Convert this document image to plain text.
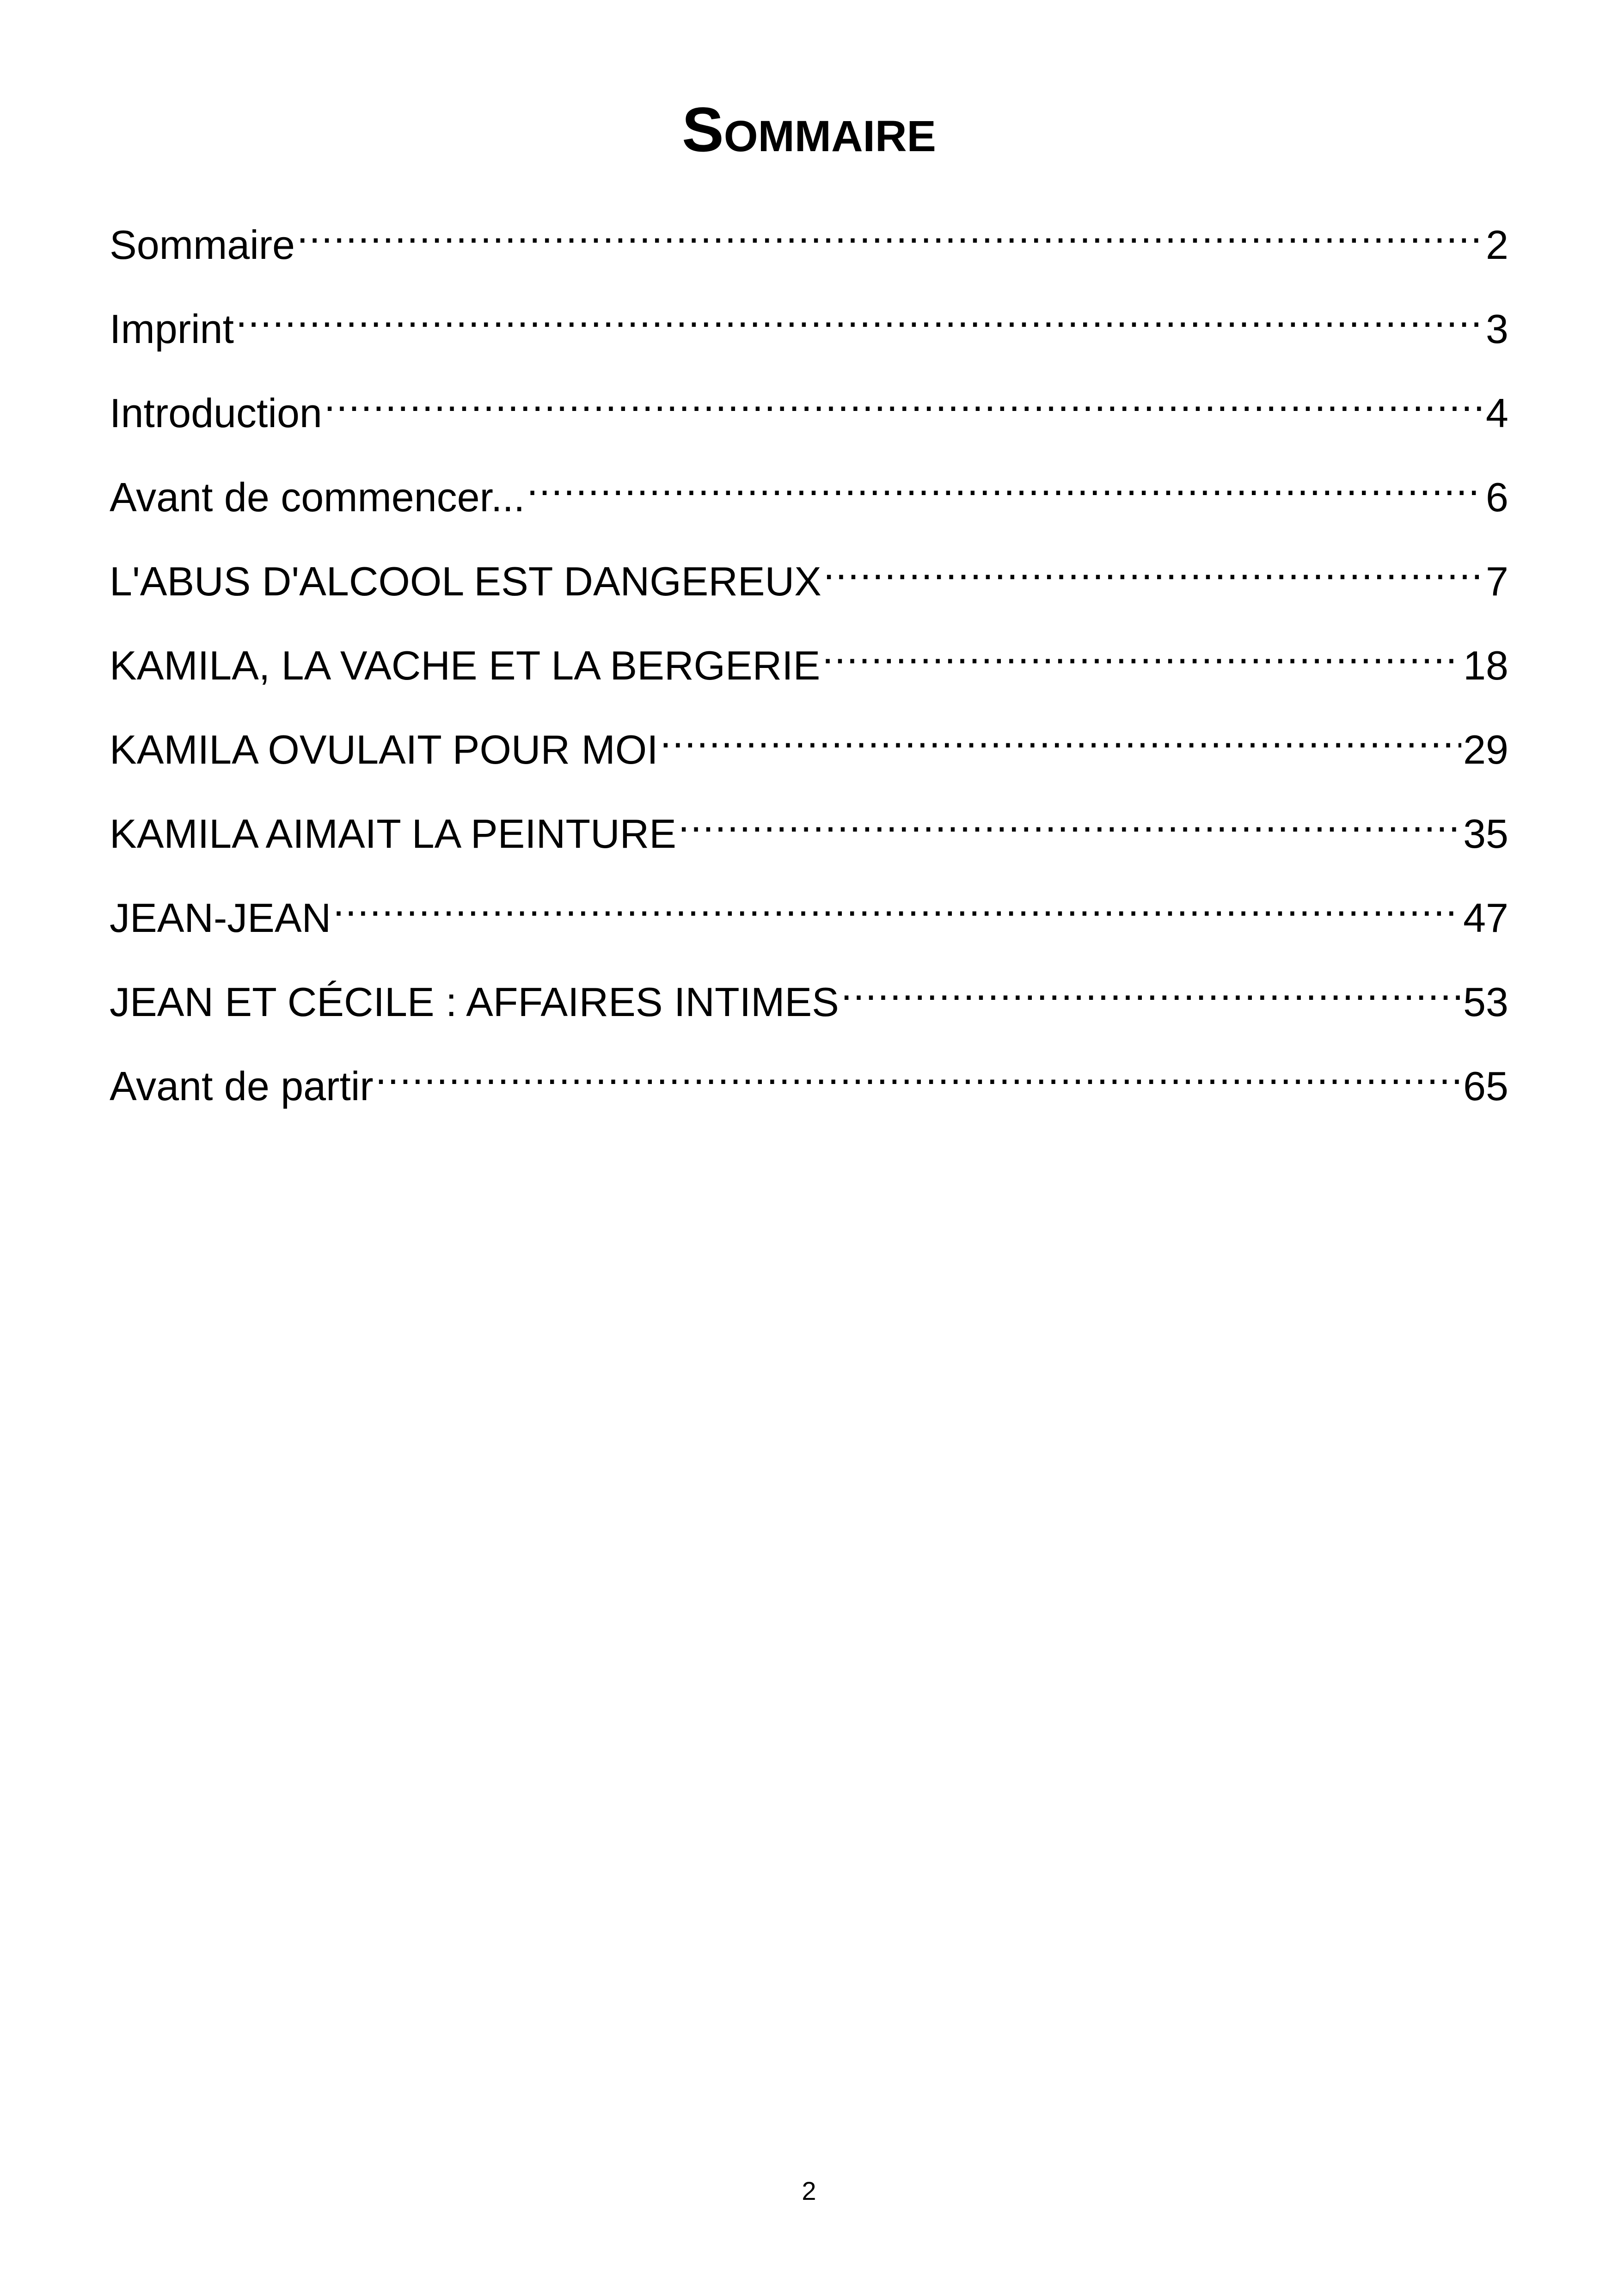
Sommaire
Sommaire .....	2
Imprint .....	3
Introduction .....	4
Avant de commencer... .....	6
L'ABUS D'ALCOOL EST DANGEREUX .....	7
KAMILA, LA VACHE ET LA BERGERIE .....	18
KAMILA OVULAIT POUR MOI .....	29
KAMILA AIMAIT LA PEINTURE .....	35
JEAN-JEAN .....	47
JEAN ET CÉCILE : AFFAIRES INTIMES .....	53
Avant de partir .....	65
2
